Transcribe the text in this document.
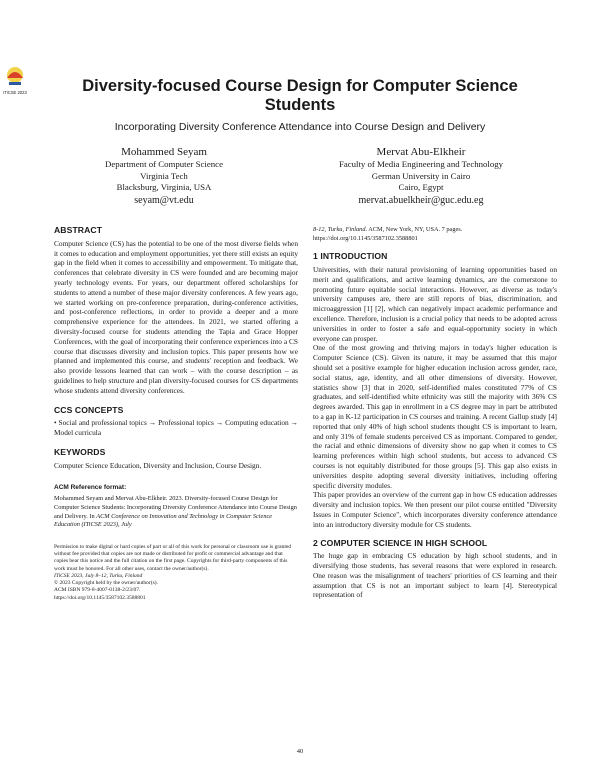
ITiCSE 2023	Diversity-focused Course Design for Computer Science Students

Incorporating Diversity Conference Attendance into Course Design and Delivery

Mohammed Seyam
Department of Computer Science
Virginia Tech
Blacksburg, Virginia, USA
seyam@vt.edu
Mervat Abu-Elkheir
Faculty of Media Engineering and Technology
German University in Cairo
Cairo, Egypt
mervat.abuelkheir@guc.edu.eg
ABSTRACT

Computer Science (CS) has the potential to be one of the most diverse fields when it comes to education and employment opportunities, yet there still exists an equity gap in the field when it comes to accessibility and empowerment. To mitigate that, conferences that celebrate diversity in CS were founded and are becoming major yearly technology events. For years, our department offered scholarships for students to attend a number of these major diversity conferences. A few years ago, we started working on pre-conference preparation, during-conference activities, and post-conference reflections, in order to provide a deeper and a more comprehensive experience for the attendees. In 2021, we started offering a diversity-focused course for students attending the Tapia and Grace Hopper Conferences, with the goal of incorporating their conference experiences into a CS course that discusses diversity and inclusion topics. This paper presents how we planned and implemented this course, and students' reception and feedback. We also provide lessons learned that can work – with the course description – as guidelines to help structure and plan diversity-focused courses for CS departments whose students attend diversity conferences.

CCS CONCEPTS

• Social and professional topics → Professional topics → Computing education → Model curricula

KEYWORDS

Computer Science Education, Diversity and Inclusion, Course Design.

ACM Reference format:

Mohammed Seyam and Mervat Abu-Elkheir. 2023. Diversity-focused Course Design for Computer Science Students: Incorporating Diversity Conference Attendance into Course Design and Delivery. In ACM Conference on Innovation and Technology in Computer Science Education (ITiCSE 2023), July

Permission to make digital or hard copies of part or all of this work for personal or classroom use is granted without fee provided that copies are not made or distributed for profit or commercial advantage and that copies bear this notice and the full citation on the first page. Copyrights for third-party components of this work must be honored. For all other uses, contact the owner/author(s).

ITiCSE 2023, July 8–12, Turku, Finland

© 2023 Copyright held by the owner/author(s).

ACM ISBN 979-8-4007-0138-2/23/07.

https://doi.org/10.1145/3587102.3588801

8-12, Turku, Finland. ACM, New York, NY, USA. 7 pages. https://doi.org/10.1145/3587102.3588801

1 INTRODUCTION

Universities, with their natural provisioning of learning opportunities based on merit and qualifications, and active learning dynamics, are the cornerstone to promoting future equitable social interactions. However, as diverse as today's university campuses are, there are still reports of bias, discrimination, and microaggression [1] [2], which can negatively impact academic performance and excellence. Therefore, inclusion is a crucial policy that needs to be adopted across universities in order to foster a safe and equal-opportunity society in which everyone can prosper.

One of the most growing and thriving majors in today's higher education is Computer Science (CS). Given its nature, it may be assumed that this major should set a positive example for higher education inclusion across gender, race, social status, age, identity, and all other dimensions of diversity. However, statistics show [3] that in 2020, self-identified males constituted 77% of CS graduates, and self-identified white ethnicity was still the majority with 36% CS degrees awarded. This gap in enrollment in a CS degree may in part be attributed to a gap in K-12 participation in CS courses and training. A recent Gallup study [4] reported that only 40% of high school students thought CS is important to learn, and only 31% of female students perceived CS as important. Compared to gender, the racial and ethnic dimensions of diversity show no gap when it comes to CS learning preferences within high school students, but access to advanced CS courses is not equitably distributed for those groups [5]. This gap also exists in universities despite adopting several diversity initiatives, including offering specific diversity modules.

This paper provides an overview of the current gap in how CS education addresses diversity and inclusion topics. We then present our pilot course entitled "Diversity Issues in Computer Science", which incorporates diversity conference attendance into an introductory diversity module for CS students.

2 COMPUTER SCIENCE IN HIGH SCHOOL

The huge gap in embracing CS education by high school students, and in diversifying those students, has several reasons that were explored in research. One reason was the misalignment of teachers' priorities of CS learning and their assumption that CS is not an important subject to learn [4]. Stereotypical representation of

40
